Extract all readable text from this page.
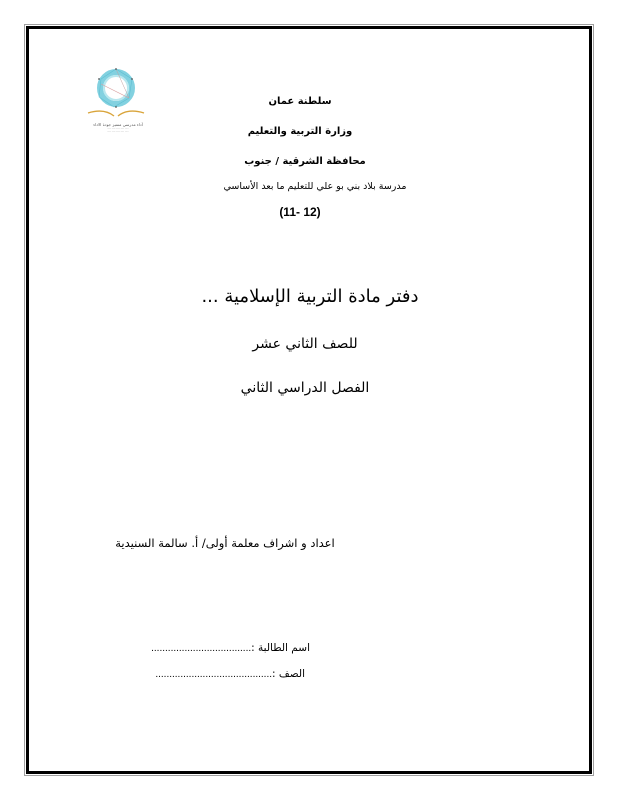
أداء مدرسي متميز جودة الاداء
---- ---- ---- ---- ----
---- ---- ---- ---- ----
سلطنة عمان
وزارة التربية والتعليم
محافظة الشرقية / جنوب
مدرسة بلاد بني بو علي للتعليم ما بعد الأساسي
(11- 12)
دفتر مادة التربية الإسلامية ...
للصف الثاني عشر
الفصل الدراسي الثاني
اعداد و اشراف معلمة أولى/ أ. سالمة السنيدية
اسم الطالبة :....................................
الصف :..........................................
